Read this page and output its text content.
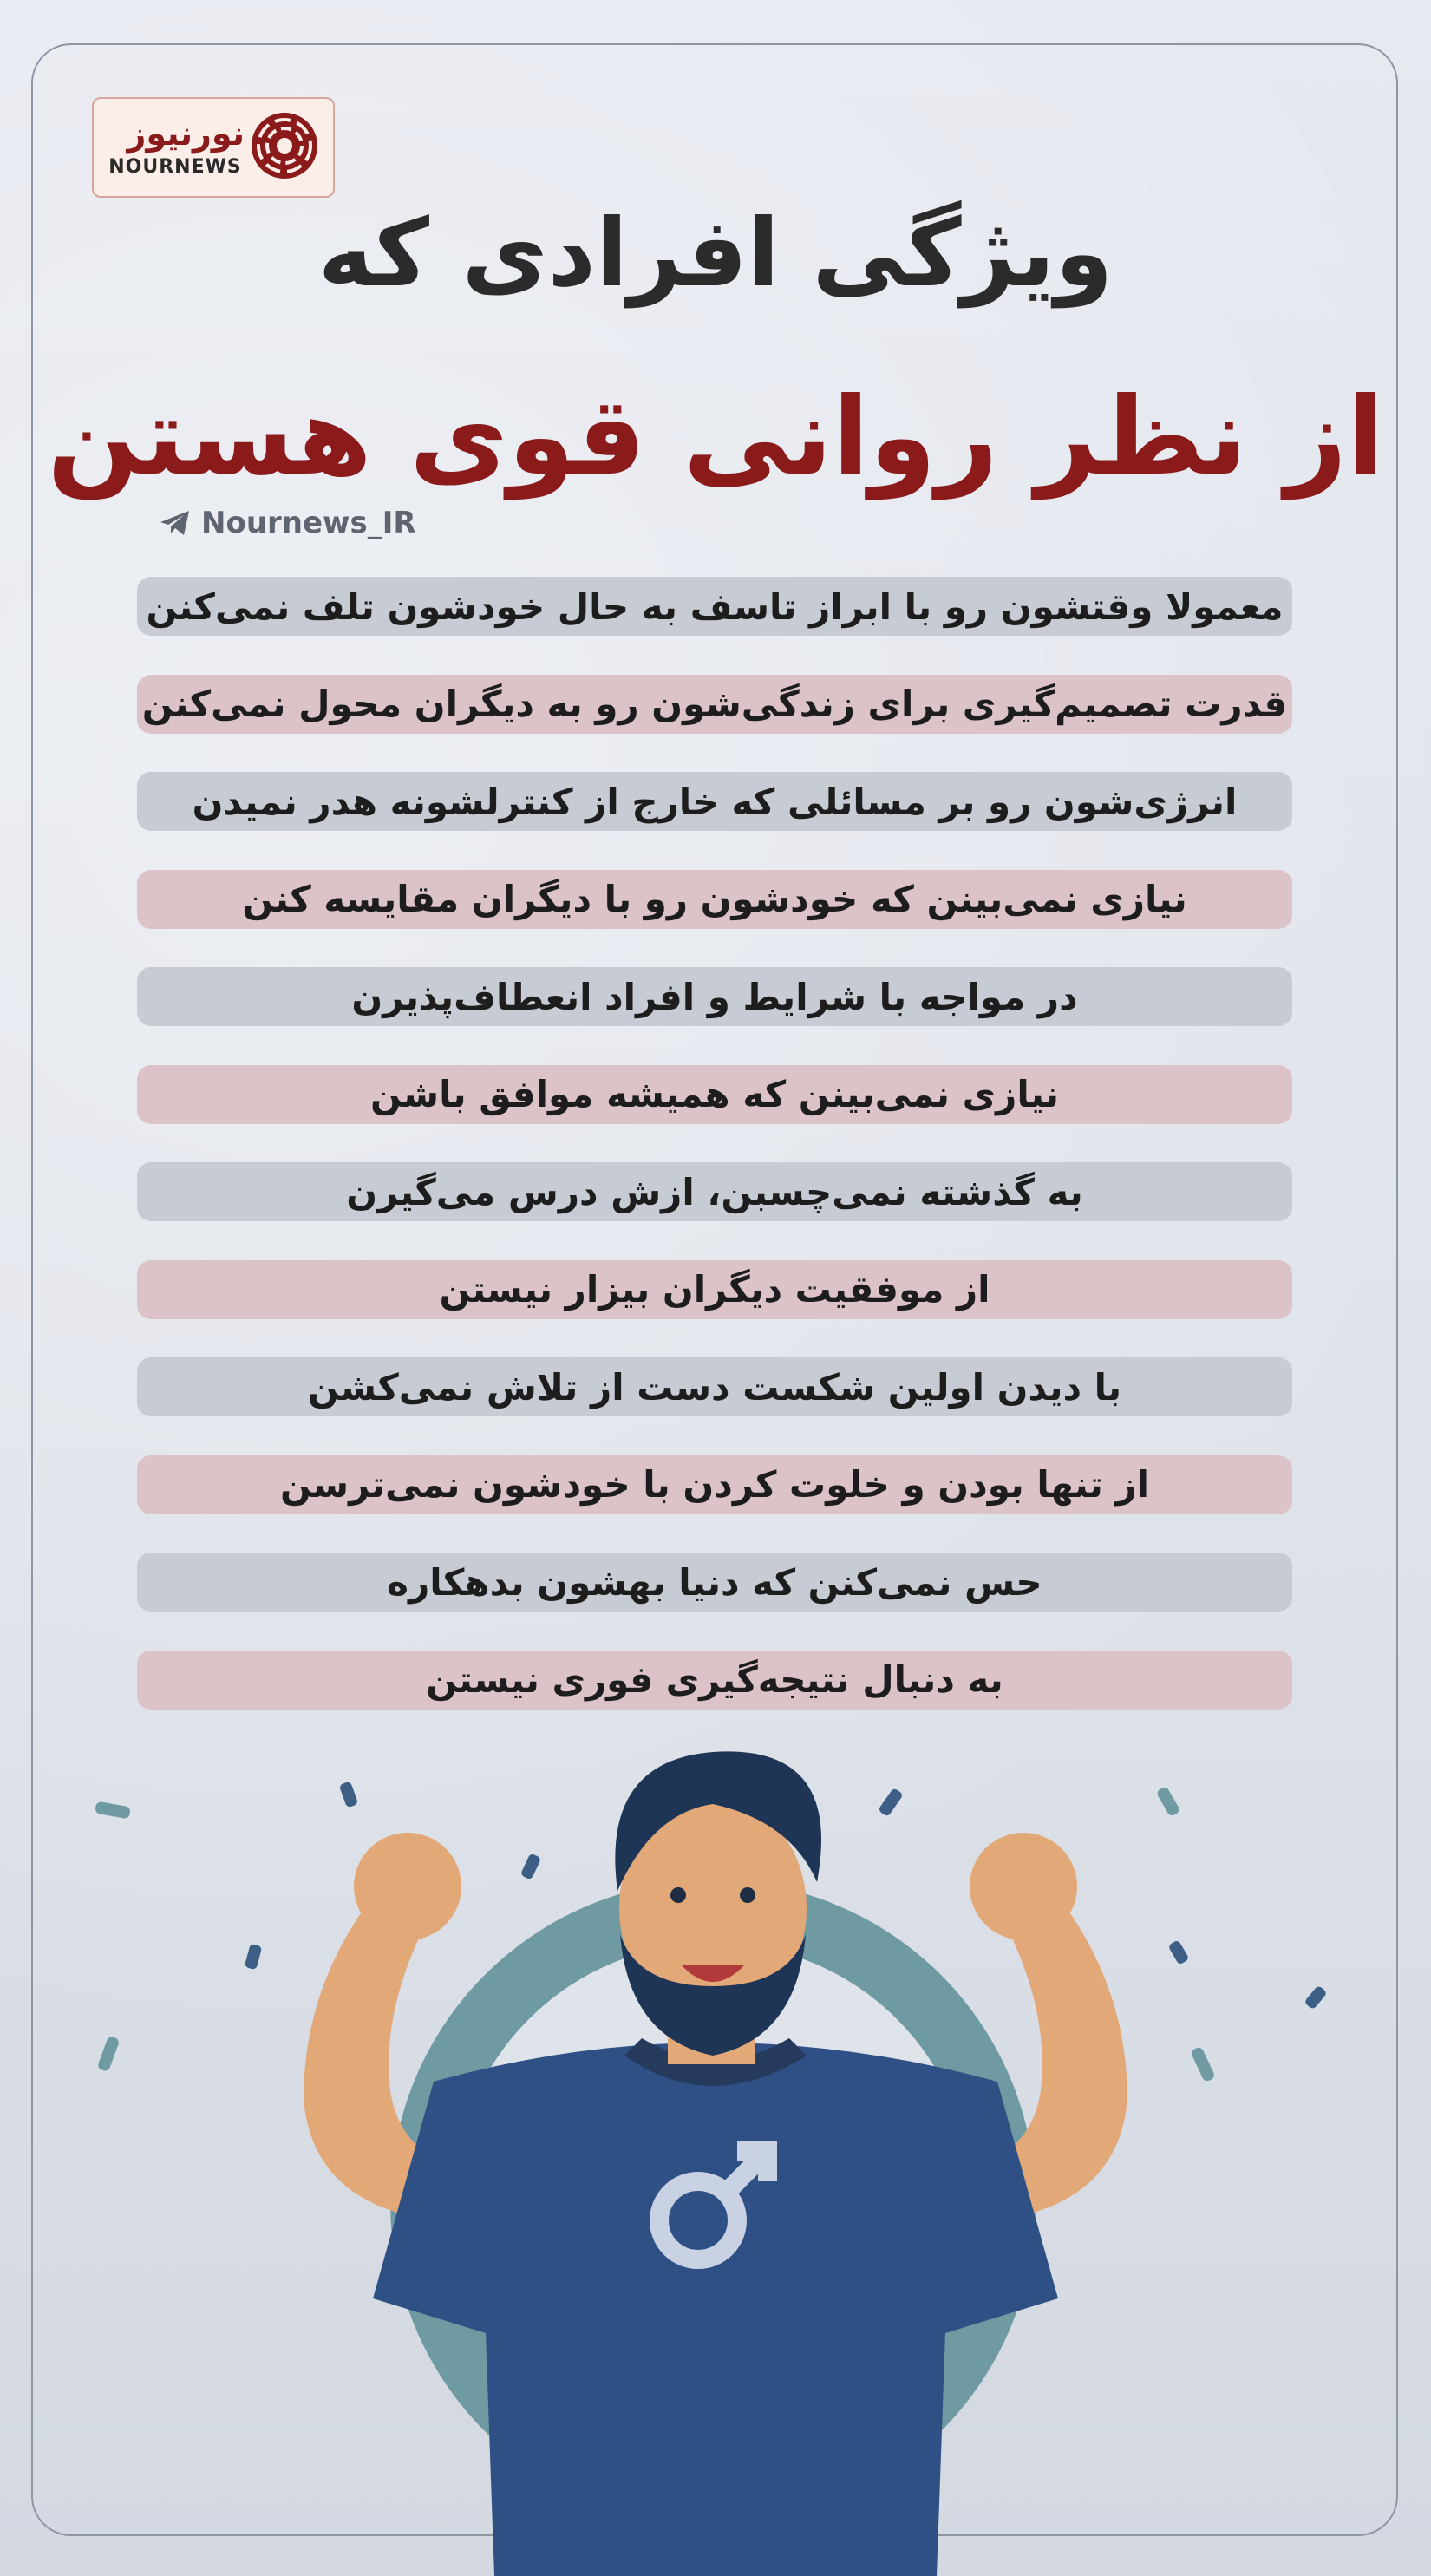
نورنیوز
NOURNEWS
ویژگی افرادی که
از نظر روانی قوی هستن
Nournews_IR
معمولا وقتشون رو با ابراز تاسف به حال خودشون تلف نمی‌کنن
قدرت تصمیم‌گیری برای زندگی‌شون رو به دیگران محول نمی‌کنن
انرژی‌شون رو بر مسائلی که خارج از کنترلشونه هدر نمیدن
نیازی نمی‌بینن که خودشون رو با دیگران مقایسه کنن
در مواجه با شرایط و افراد انعطاف‌پذیرن
نیازی نمی‌بینن که همیشه موافق باشن
به گذشته نمی‌چسبن، ازش درس می‌گیرن
از موفقیت دیگران بیزار نیستن
با دیدن اولین شکست دست از تلاش نمی‌کشن
از تنها بودن و خلوت کردن با خودشون نمی‌ترسن
حس نمی‌کنن که دنیا بهشون بدهکاره
به دنبال نتیجه‌گیری فوری نیستن
